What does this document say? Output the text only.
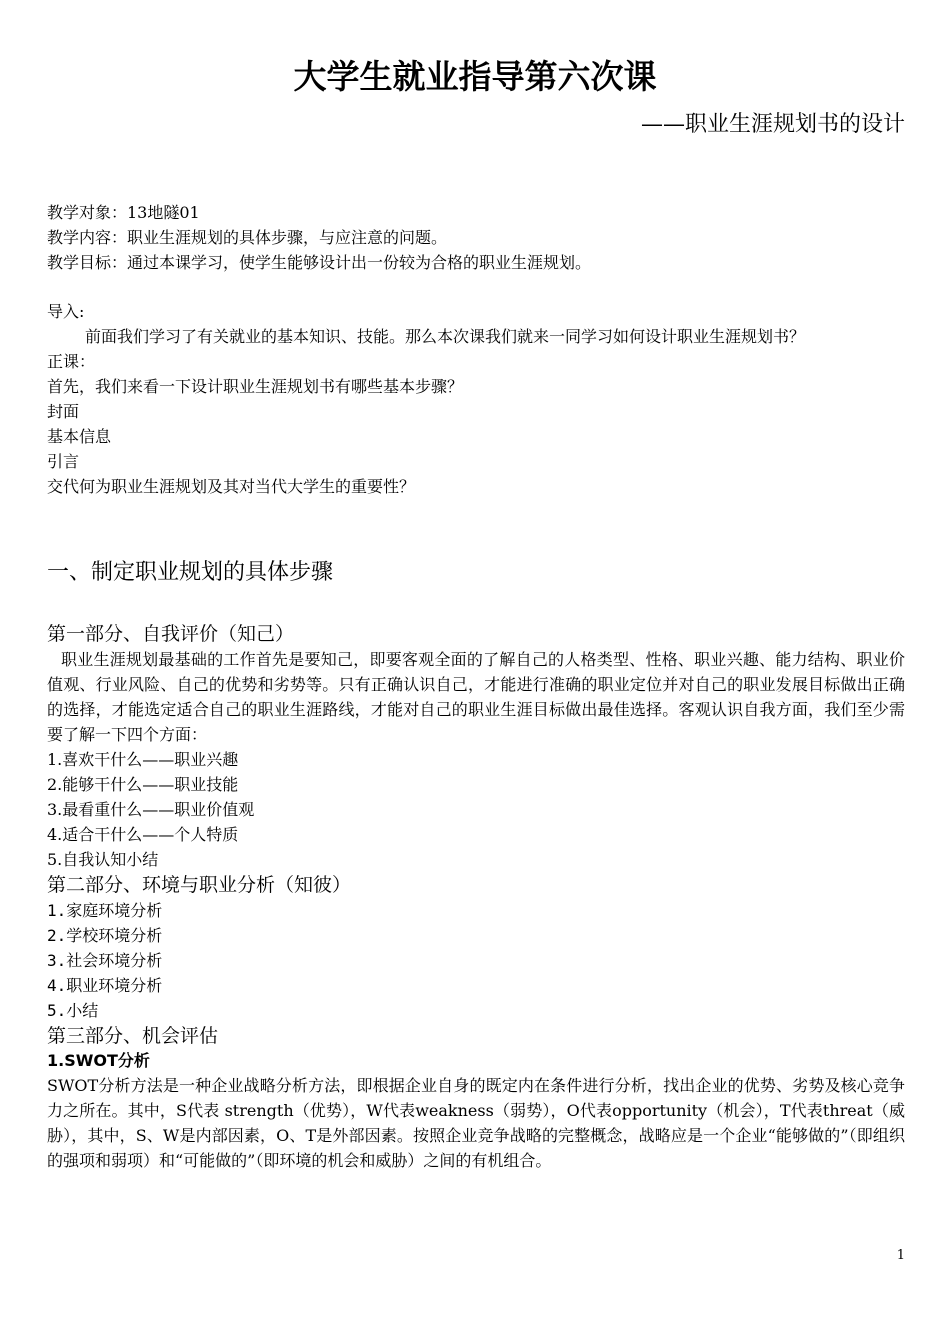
大学生就业指导第六次课
——职业生涯规划书的设计
教学对象：13地隧01
教学内容：职业生涯规划的具体步骤，与应注意的问题。
教学目标：通过本课学习，使学生能够设计出一份较为合格的职业生涯规划。
导入:
前面我们学习了有关就业的基本知识、技能。那么本次课我们就来一同学习如何设计职业生涯规划书？
正课：
首先，我们来看一下设计职业生涯规划书有哪些基本步骤？
封面
基本信息
引言
交代何为职业生涯规划及其对当代大学生的重要性？
一、制定职业规划的具体步骤
第一部分、自我评价（知己）
职业生涯规划最基础的工作首先是要知己，即要客观全面的了解自己的人格类型、性格、职业兴趣、能力结构、职业价值观、行业风险、自己的优势和劣势等。只有正确认识自己，才能进行准确的职业定位并对自己的职业发展目标做出正确的选择，才能选定适合自己的职业生涯路线，才能对自己的职业生涯目标做出最佳选择。客观认识自我方面，我们至少需要了解一下四个方面：
1.喜欢干什么——职业兴趣
2.能够干什么——职业技能
3.最看重什么——职业价值观
4.适合干什么——个人特质
5.自我认知小结
第二部分、环境与职业分析（知彼）
1.家庭环境分析
2.学校环境分析
3.社会环境分析
4.职业环境分析
5.小结
第三部分、机会评估
1.SWOT分析
SWOT分析方法是一种企业战略分析方法，即根据企业自身的既定内在条件进行分析，找出企业的优势、劣势及核心竞争力之所在。其中，S代表 strength（优势），W代表weakness（弱势），O代表opportunity（机会），T代表threat（威胁），其中，S、W是内部因素，O、T是外部因素。按照企业竞争战略的完整概念，战略应是一个企业“能够做的”（即组织的强项和弱项）和“可能做的”（即环境的机会和威胁）之间的有机组合。
1
